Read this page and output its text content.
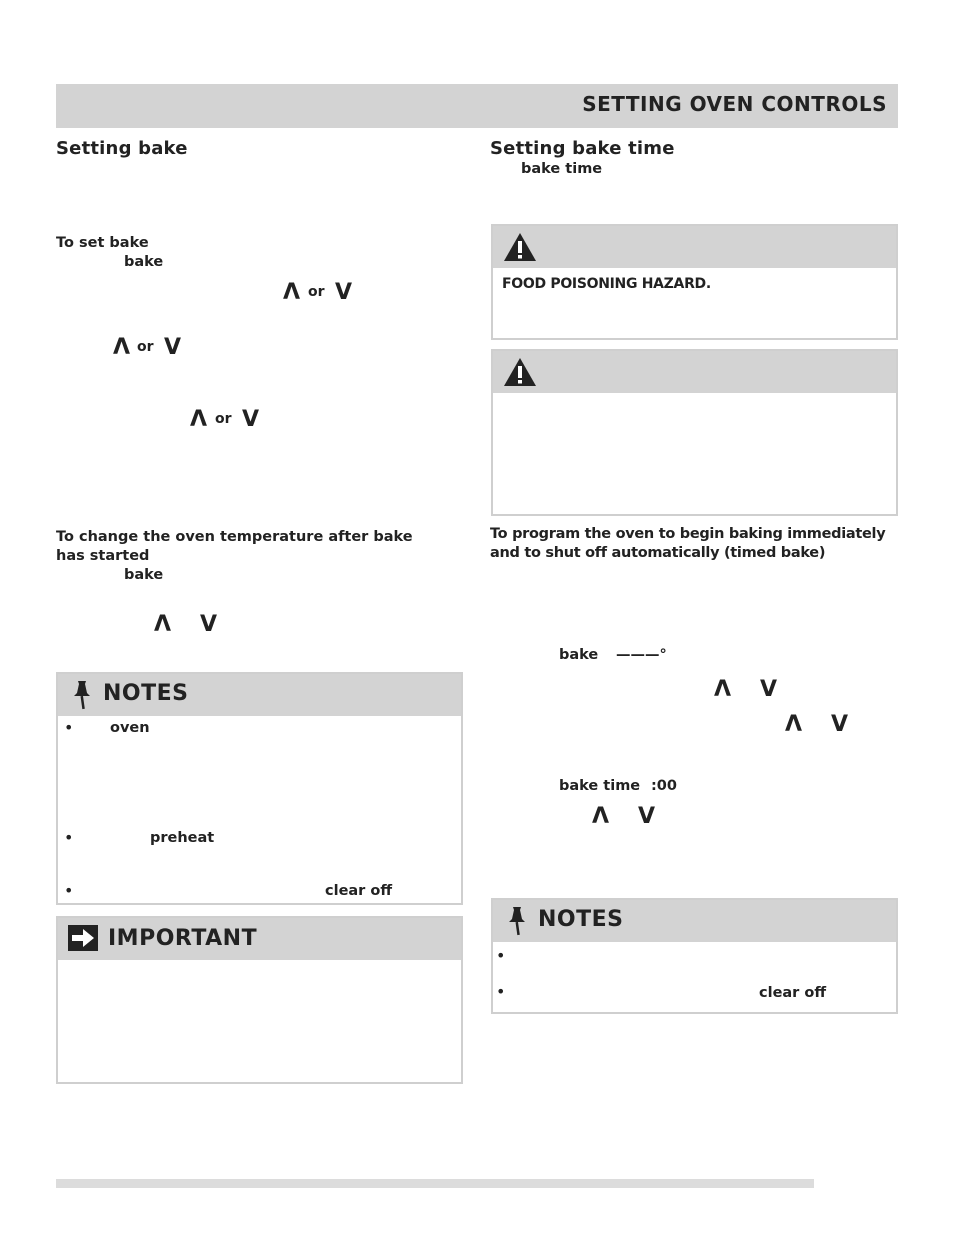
SETTING OVEN CONTROLS
Setting bake
To set bake
bake
Λ or V
Λ or V
Λ or V
To change the oven temperature after bake has started
bake
Λ V
NOTES
•	oven
•	preheat
•	clear off
IMPORTANT
Setting bake time
bake time
FOOD POISONING HAZARD.
To program the oven to begin baking immediately and to shut off automatically (timed bake)
bake ———°
Λ V
Λ V
bake time :00
Λ V
NOTES
•
•	clear off
